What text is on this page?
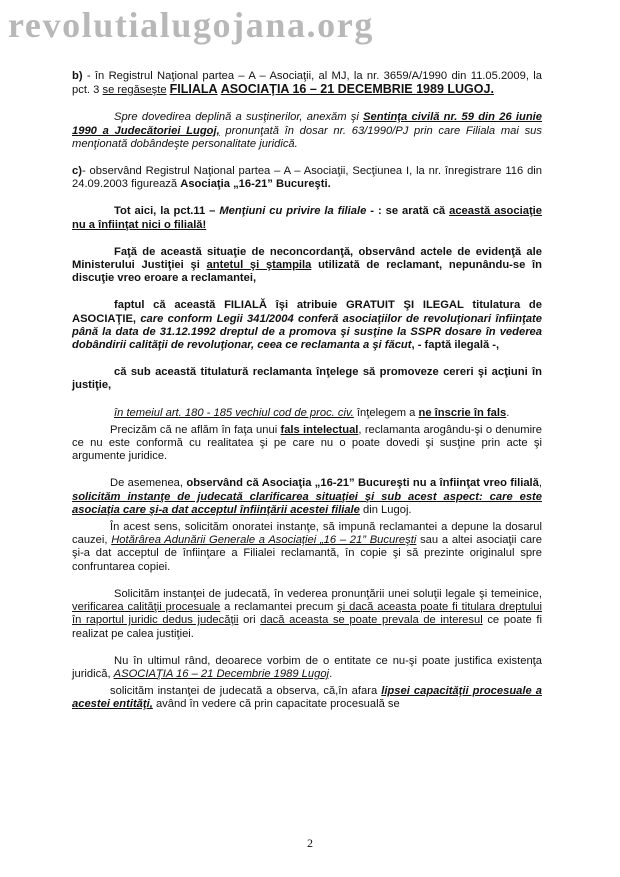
revolutialugojana.org

b) - în Registrul Naţional partea – A – Asociaţii, al MJ, la nr. 3659/A/1990 din 11.05.2009, la pct. 3 se regăseşte FILIALA ASOCIAŢIA 16 – 21 DECEMBRIE 1989 LUGOJ.

Spre dovedirea deplină a susţinerilor, anexăm şi Sentinţa civilă nr. 59 din 26 iunie 1990 a Judecătoriei Lugoj, pronunţată în dosar nr. 63/1990/PJ prin care Filiala mai sus menţionată dobândeşte personalitate juridică.

c)- observând Registrul Naţional partea – A – Asociaţii, Secţiunea I, la nr. înregistrare 116 din 24.09.2003 figurează Asociaţia „16-21” Bucureşti.

Tot aici, la pct.11 – Menţiuni cu privire la filiale - : se arată că această asociaţie nu a înfiinţat nici o filială!

Faţă de această situaţie de neconcordanţă, observând actele de evidenţă ale Ministerului Justiţiei şi antetul şi ştampila utilizată de reclamant, nepunându-se în discuţie vreo eroare a reclamantei,

faptul că această FILIALĂ îşi atribuie GRATUIT ŞI ILEGAL titulatura de ASOCIAŢIE, care conform Legii 341/2004 conferă asociaţiilor de revoluţionari înfiinţate până la data de 31.12.1992 dreptul de a promova şi susţine la SSPR dosare în vederea dobândirii calităţii de revoluţionar, ceea ce reclamanta a şi făcut, - faptă ilegală -,

că sub această titulatură reclamanta înţelege să promoveze cereri şi acţiuni în justiţie,

în temeiul art. 180 - 185 vechiul cod de proc. civ. înţelegem a ne înscrie în fals.

Precizăm că ne aflăm în faţa unui fals intelectual, reclamanta arogându-şi o denumire ce nu este conformă cu realitatea şi pe care nu o poate dovedi şi susţine prin acte şi argumente juridice.

De asemenea, observând că Asociaţia „16-21” Bucureşti nu a înfiinţat vreo filială, solicităm instanţe de judecată clarificarea situaţiei şi sub acest aspect: care este asociaţia care şi-a dat acceptul înfiinţării acestei filiale din Lugoj.

În acest sens, solicităm onoratei instanţe, să impună reclamantei a depune la dosarul cauzei, Hotărârea Adunării Generale a Asociaţiei „16 – 21” Bucureşti sau a altei asociaţii care şi-a dat acceptul de înfiinţare a Filialei reclamantă, în copie şi să prezinte originalul spre confruntarea copiei.

Solicităm instanţei de judecată, în vederea pronunţării unei soluţii legale şi temeinice, verificarea calităţii procesuale a reclamantei precum şi dacă aceasta poate fi titulara dreptului în raportul juridic dedus judecăţii ori dacă aceasta se poate prevala de interesul ce poate fi realizat pe calea justiţiei.

Nu în ultimul rând, deoarece vorbim de o entitate ce nu-şi poate justifica existenţa juridică, ASOCIAŢIA 16 – 21 Decembrie 1989 Lugoj.

solicităm instanţei de judecată a observa, că,în afara lipsei capacităţii procesuale a acestei entităţi, având în vedere că prin capacitate procesuală se

2
